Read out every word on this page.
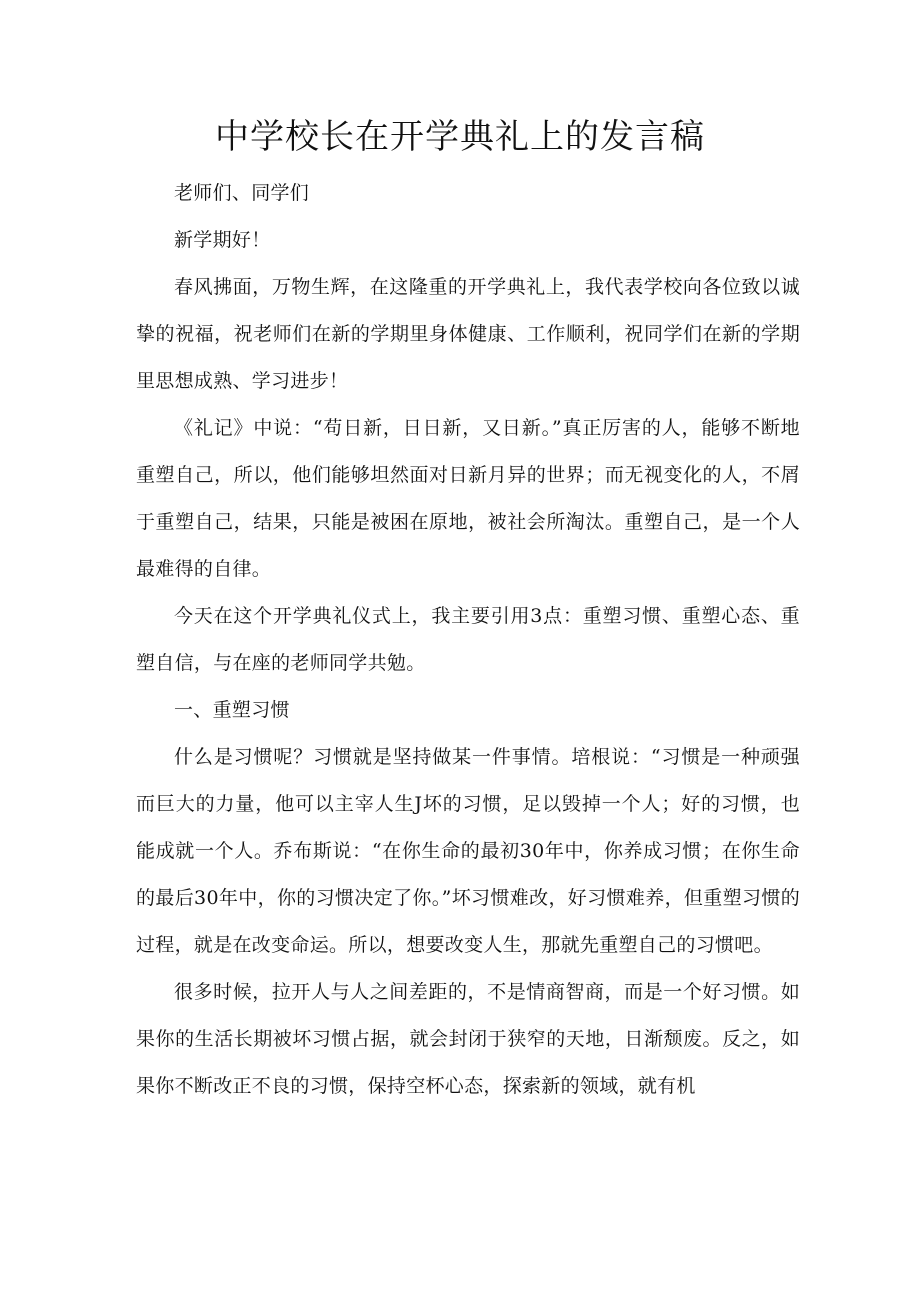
中学校长在开学典礼上的发言稿

老师们、同学们

新学期好！

春风拂面，万物生辉，在这隆重的开学典礼上，我代表学校向各位致以诚挚的祝福，祝老师们在新的学期里身体健康、工作顺利，祝同学们在新的学期里思想成熟、学习进步！

《礼记》中说：“苟日新，日日新，又日新。”真正厉害的人，能够不断地重塑自己，所以，他们能够坦然面对日新月异的世界；而无视变化的人，不屑于重塑自己，结果，只能是被困在原地，被社会所淘汰。重塑自己，是一个人最难得的自律。

今天在这个开学典礼仪式上，我主要引用3点：重塑习惯、重塑心态、重塑自信，与在座的老师同学共勉。

一、重塑习惯

什么是习惯呢？习惯就是坚持做某一件事情。培根说：“习惯是一种顽强而巨大的力量，他可以主宰人生J坏的习惯，足以毁掉一个人；好的习惯，也能成就一个人。乔布斯说：“在你生命的最初30年中，你养成习惯；在你生命的最后30年中，你的习惯决定了你。”坏习惯难改，好习惯难养，但重塑习惯的过程，就是在改变命运。所以，想要改变人生，那就先重塑自己的习惯吧。

很多时候，拉开人与人之间差距的，不是情商智商，而是一个好习惯。如果你的生活长期被坏习惯占据，就会封闭于狭窄的天地，日渐颓废。反之，如果你不断改正不良的习惯，保持空杯心态，探索新的领域，就有机
